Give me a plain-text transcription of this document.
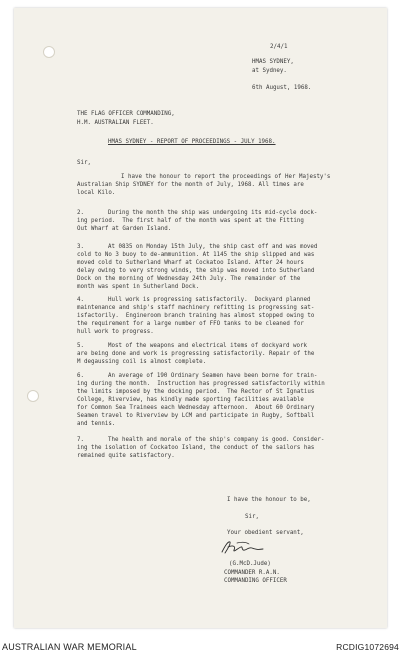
2/4/1
HMAS SYDNEY,
at Sydney.
6th August, 1968.
THE FLAG OFFICER COMMANDING,
H.M. AUSTRALIAN FLEET.
HMAS SYDNEY - REPORT OF PROCEEDINGS - JULY 1968.
Sir,
I have the honour to report the proceedings of Her Majesty's
Australian Ship SYDNEY for the month of July, 1968. All times are
local Kilo.
2.	During the month the ship was undergoing its mid-cycle dock-
ing period.  The first half of the month was spent at the Fitting
Out Wharf at Garden Island.
3.	At 0835 on Monday 15th July, the ship cast off and was moved
cold to No 3 buoy to de-ammunition. At 1145 the ship slipped and was
moved cold to Sutherland Wharf at Cockatoo Island. After 24 hours
delay owing to very strong winds, the ship was moved into Sutherland
Dock on the morning of Wednesday 24th July. The remainder of the
month was spent in Sutherland Dock.
4.	Hull work is progressing satisfactorily.  Dockyard planned
maintenance and ship's staff machinery refitting is progressing sat-
isfactorily.  Engineroom branch training has almost stopped owing to
the requirement for a large number of FFO tanks to be cleaned for
hull work to progress.
5.	Most of the weapons and electrical items of dockyard work
are being done and work is progressing satisfactorily. Repair of the
M degaussing coil is almost complete.
6.	An average of 190 Ordinary Seamen have been borne for train-
ing during the month.  Instruction has progressed satisfactorily within
the limits imposed by the docking period.  The Rector of St Ignatius
College, Riverview, has kindly made sporting facilities available
for Common Sea Trainees each Wednesday afternoon.  About 60 Ordinary
Seamen travel to Riverview by LCM and participate in Rugby, Softball
and tennis.
7.	The health and morale of the ship's company is good. Consider-
ing the isolation of Cockatoo Island, the conduct of the sailors has
remained quite satisfactory.
I have the honour to be,
Sir,
Your obedient servant,
(G.McD.Jude)
COMMANDER R.A.N.
COMMANDING OFFICER
AUSTRALIAN WAR MEMORIAL	RCDIG1072694
